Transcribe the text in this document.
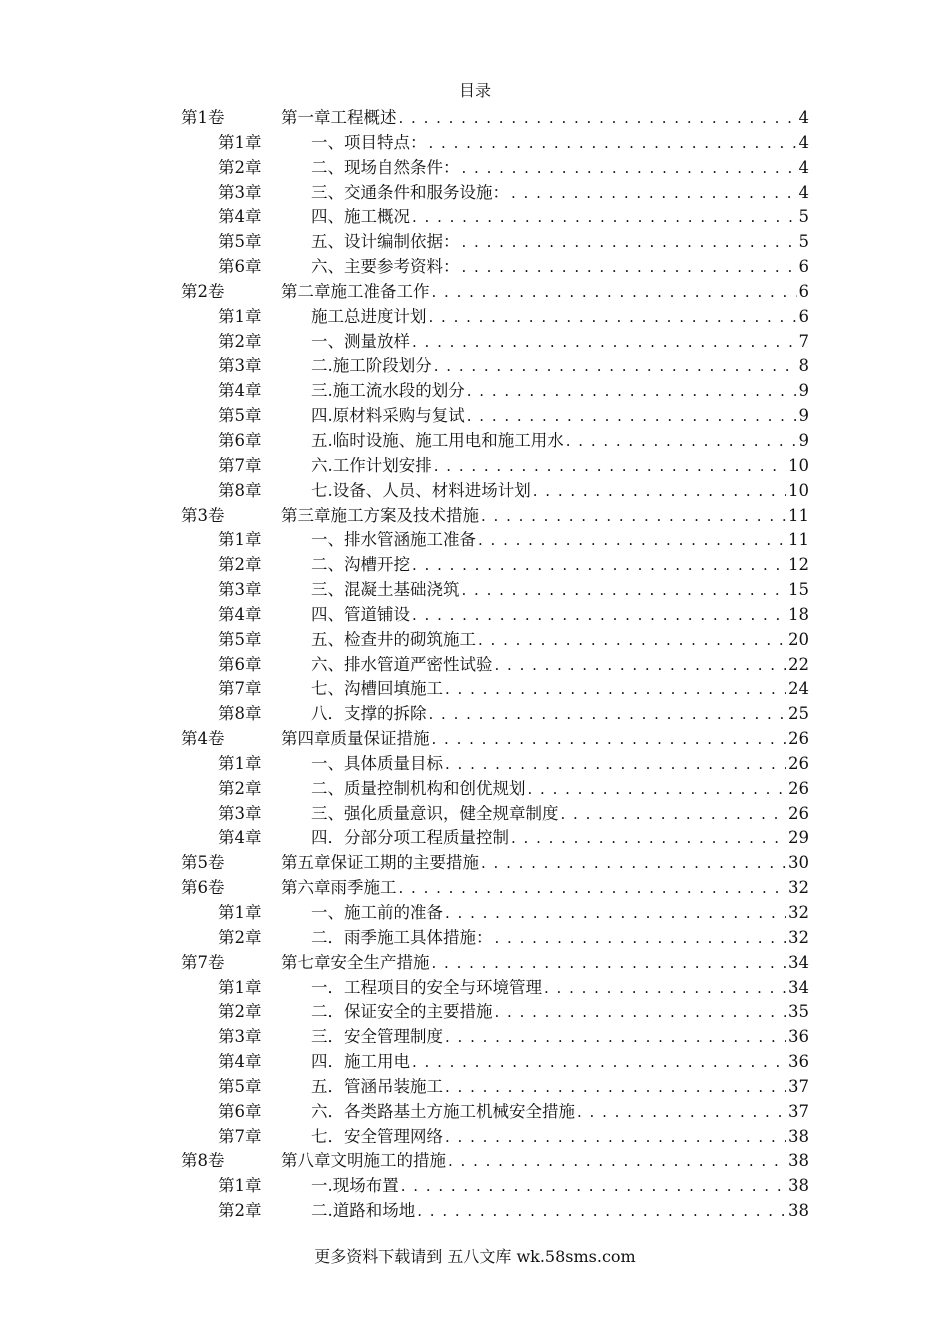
目录
第1卷	第一章工程概述 . . .	4
第1章	一、项目特点： . . .	4
第2章	二、现场自然条件： . . .	4
第3章	三、交通条件和服务设施： . . .	4
第4章	四、施工概况 . . .	5
第5章	五、设计编制依据： . . .	5
第6章	六、主要参考资料： . . .	6
第2卷	第二章施工准备工作 . . .	6
第1章	施工总进度计划 . . .	6
第2章	一、测量放样 . . .	7
第3章	二.施工阶段划分 . . .	8
第4章	三.施工流水段的划分 . . .	9
第5章	四.原材料采购与复试 . . .	9
第6章	五.临时设施、施工用电和施工用水 . . .	9
第7章	六.工作计划安排 . . .	10
第8章	七.设备、人员、材料进场计划 . . .	10
第3卷	第三章施工方案及技术措施 . . .	11
第1章	一、排水管涵施工准备 . . .	11
第2章	二、沟槽开挖 . . .	12
第3章	三、混凝土基础浇筑 . . .	15
第4章	四、管道铺设 . . .	18
第5章	五、检查井的砌筑施工 . . .	20
第6章	六、排水管道严密性试验 . . .	22
第7章	七、沟槽回填施工 . . .	24
第8章	八．支撑的拆除 . . .	25
第4卷	第四章质量保证措施 . . .	26
第1章	一、具体质量目标 . . .	26
第2章	二、质量控制机构和创优规划 . . .	26
第3章	三、强化质量意识，健全规章制度 . . .	26
第4章	四．分部分项工程质量控制 . . .	29
第5卷	第五章保证工期的主要措施 . . .	30
第6卷	第六章雨季施工 . . .	32
第1章	一、施工前的准备 . . .	32
第2章	二．雨季施工具体措施： . . .	32
第7卷	第七章安全生产措施 . . .	34
第1章	一．工程项目的安全与环境管理 . . .	34
第2章	二．保证安全的主要措施 . . .	35
第3章	三．安全管理制度 . . .	36
第4章	四．施工用电 . . .	36
第5章	五．管涵吊装施工 . . .	37
第6章	六．各类路基土方施工机械安全措施 . . .	37
第7章	七．安全管理网络 . . .	38
第8卷	第八章文明施工的措施 . . .	38
第1章	一.现场布置 . . .	38
第2章	二.道路和场地 . . .	38
更多资料下载请到 五八文库 wk.58sms.com
